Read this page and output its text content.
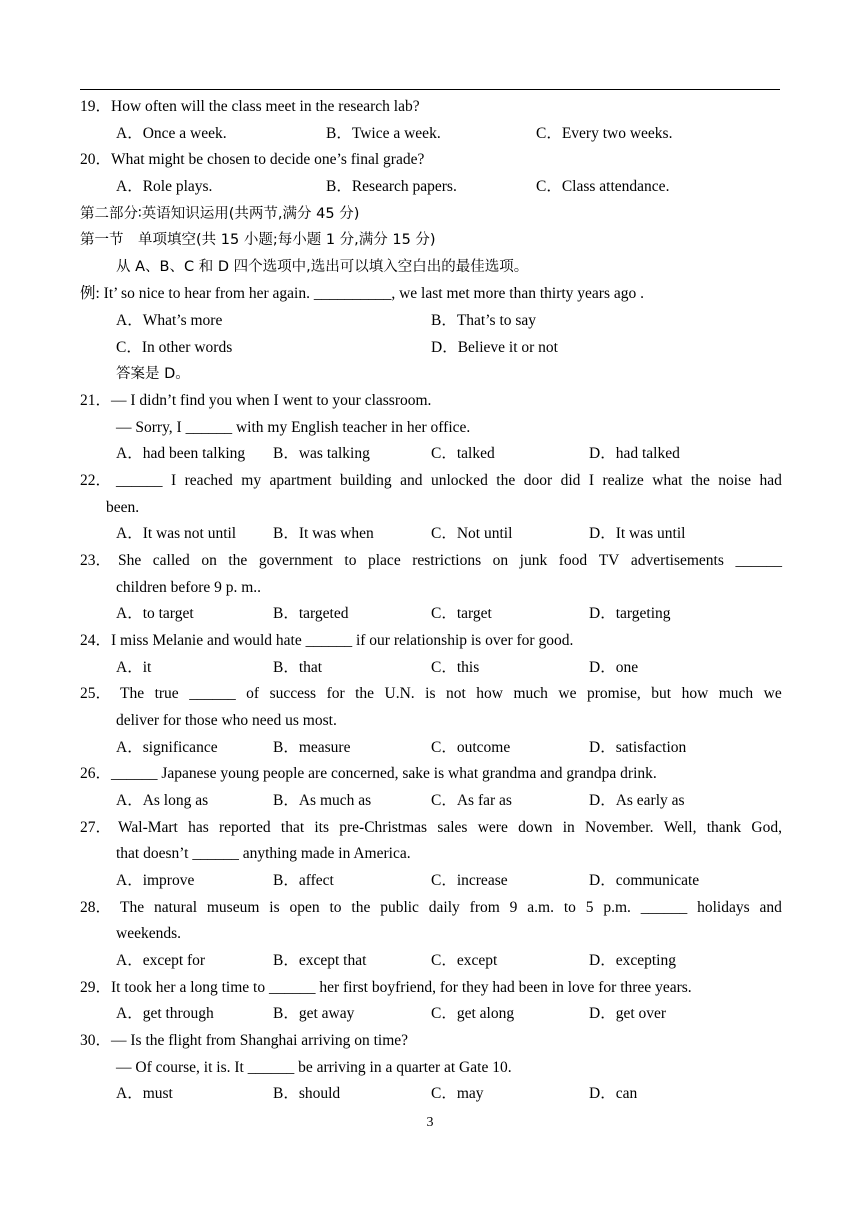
19．How often will the class meet in the research lab?
A．Once a week.	B．Twice a week.	C．Every two weeks.
20．What might be chosen to decide one’s final grade?
A．Role plays.	B．Research papers.	C．Class attendance.
第二部分∶英语知识运用(共两节,满分 45 分)
第一节　单项填空(共 15 小题;每小题 1 分,满分 15 分)
从 A、B、C 和 D 四个选项中,选出可以填入空白出的最佳选项。
例: It’ so nice to hear from her again. __________, we last met more than thirty years ago .
A．What’s more	B．That’s to say
C．In other words	D．Believe it or not
答案是 D。
21．— I didn’t find you when I went to your classroom.
— Sorry, I ______ with my English teacher in her office.
A．had been talking B．was talking	C．talked	D．had talked
22． ______ I reached my apartment building and unlocked the door did I realize what the noise had
been.
A．It was not until B．It was when	C．Not until	D．It was until
23． She called on the government to place restrictions on junk food TV advertisements ______
children before 9 p. m..
A．to target	B．targeted	C．target	D．targeting
24．I miss Melanie and would hate ______ if our relationship is over for good.
A．it	B．that	C．this	D．one
25． The true ______ of success for the U.N. is not how much we promise, but how much we
deliver for those who need us most.
A．significance	B．measure	C．outcome	D．satisfaction
26．______ Japanese young people are concerned, sake is what grandma and grandpa drink.
A．As long as	B．As much as	C．As far as	D．As early as
27． Wal-Mart has reported that its pre-Christmas sales were down in November. Well, thank God,
that doesn’t ______ anything made in America.
A．improve	B．affect	C．increase	D．communicate
28． The natural museum is open to the public daily from 9 a.m. to 5 p.m. ______ holidays and
weekends.
A．except for	B．except that	C．except	D．excepting
29．It took her a long time to ______ her first boyfriend, for they had been in love for three years.
A．get through	B．get away	C．get along	D．get over
30．— Is the flight from Shanghai arriving on time?
— Of course, it is. It ______ be arriving in a quarter at Gate 10.
A．must	B．should	C．may	D．can
3
